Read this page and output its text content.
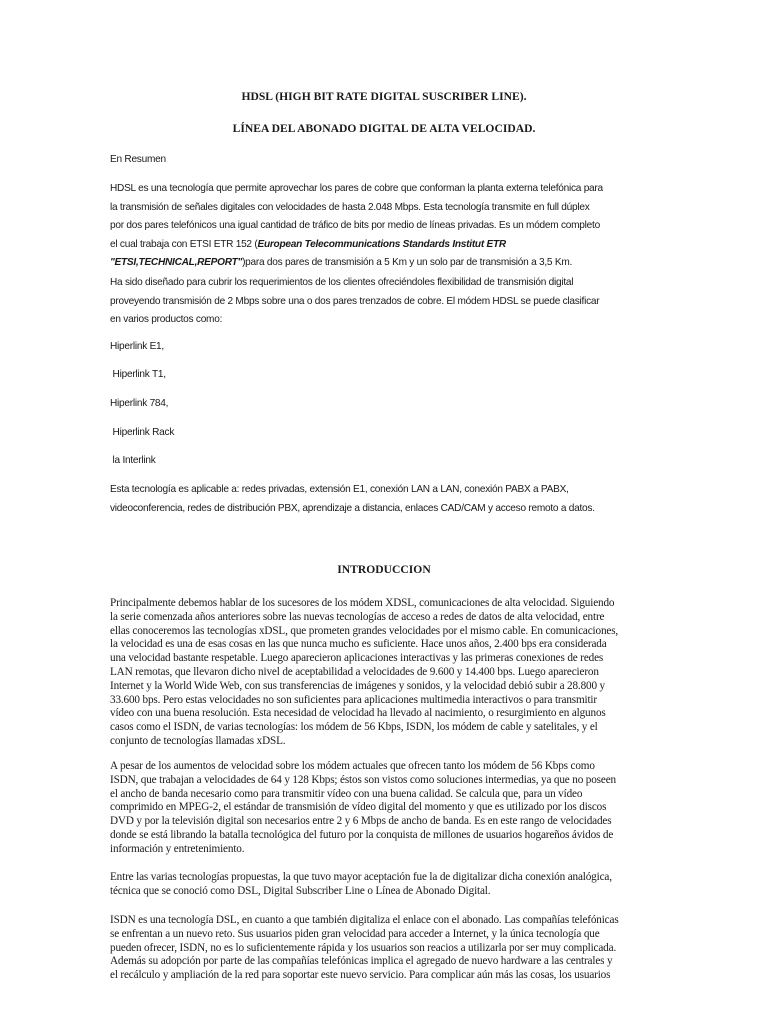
HDSL (HIGH BIT RATE DIGITAL SUSCRIBER LINE).
LÍNEA DEL ABONADO DIGITAL DE ALTA VELOCIDAD.

En Resumen

HDSL es una tecnología que permite aprovechar los pares de cobre que conforman la planta externa telefónica para
la transmisión de señales digitales con velocidades de hasta 2.048 Mbps. Esta tecnología transmite en full dúplex
por dos pares telefónicos una igual cantidad de tráfico de bits por medio de líneas privadas. Es un módem completo
el cual trabaja con ETSI ETR 152 (European Telecommunications Standards Institut ETR
"ETSI,TECHNICAL,REPORT")para dos pares de transmisión a 5 Km y un solo par de transmisión a 3,5 Km.

Ha sido diseñado para cubrir los requerimientos de los clientes ofreciéndoles flexibilidad de transmisión digital
proveyendo transmisión de 2 Mbps sobre una o dos pares trenzados de cobre. El módem HDSL se puede clasificar
en varios productos como:

Hiperlink E1,

Hiperlink T1,

Hiperlink 784,

Hiperlink Rack

la Interlink

Esta tecnología es aplicable a: redes privadas, extensión E1, conexión LAN a LAN, conexión PABX a PABX,
videoconferencia, redes de distribución PBX, aprendizaje a distancia, enlaces CAD/CAM y acceso remoto a datos.

INTRODUCCION

Principalmente debemos hablar de los sucesores de los módem XDSL, comunicaciones de alta velocidad. Siguiendo
la serie comenzada años anteriores sobre las nuevas tecnologías de acceso a redes de datos de alta velocidad, entre
ellas conoceremos las tecnologías xDSL, que prometen grandes velocidades por el mismo cable. En comunicaciones,
la velocidad es una de esas cosas en las que nunca mucho es suficiente. Hace unos años, 2.400 bps era considerada
una velocidad bastante respetable. Luego aparecieron aplicaciones interactivas y las primeras conexiones de redes
LAN remotas, que llevaron dicho nivel de aceptabilidad a velocidades de 9.600 y 14.400 bps. Luego aparecieron
Internet y la World Wide Web, con sus transferencias de imágenes y sonidos, y la velocidad debió subir a 28.800 y
33.600 bps. Pero estas velocidades no son suficientes para aplicaciones multimedia interactivos o para transmitir
vídeo con una buena resolución. Esta necesidad de velocidad ha llevado al nacimiento, o resurgimiento en algunos
casos como el ISDN, de varias tecnologías: los módem de 56 Kbps, ISDN, los módem de cable y satelitales, y el
conjunto de tecnologías llamadas xDSL.

A pesar de los aumentos de velocidad sobre los módem actuales que ofrecen tanto los módem de 56 Kbps como
ISDN, que trabajan a velocidades de 64 y 128 Kbps; éstos son vistos como soluciones intermedias, ya que no poseen
el ancho de banda necesario como para transmitir vídeo con una buena calidad. Se calcula que, para un vídeo
comprimido en MPEG-2, el estándar de transmisión de vídeo digital del momento y que es utilizado por los discos
DVD y por la televisión digital son necesarios entre 2 y 6 Mbps de ancho de banda. Es en este rango de velocidades
donde se está librando la batalla tecnológica del futuro por la conquista de millones de usuarios hogareños ávidos de
información y entretenimiento.

Entre las varias tecnologías propuestas, la que tuvo mayor aceptación fue la de digitalizar dicha conexión analógica,
técnica que se conoció como DSL, Digital Subscriber Line o Línea de Abonado Digital.

ISDN es una tecnología DSL, en cuanto a que también digitaliza el enlace con el abonado. Las compañías telefónicas
se enfrentan a un nuevo reto. Sus usuarios piden gran velocidad para acceder a Internet, y la única tecnología que
pueden ofrecer, ISDN, no es lo suficientemente rápida y los usuarios son reacios a utilizarla por ser muy complicada.
Además su adopción por parte de las compañías telefónicas implica el agregado de nuevo hardware a las centrales y
el recálculo y ampliación de la red para soportar este nuevo servicio. Para complicar aún más las cosas, los usuarios
